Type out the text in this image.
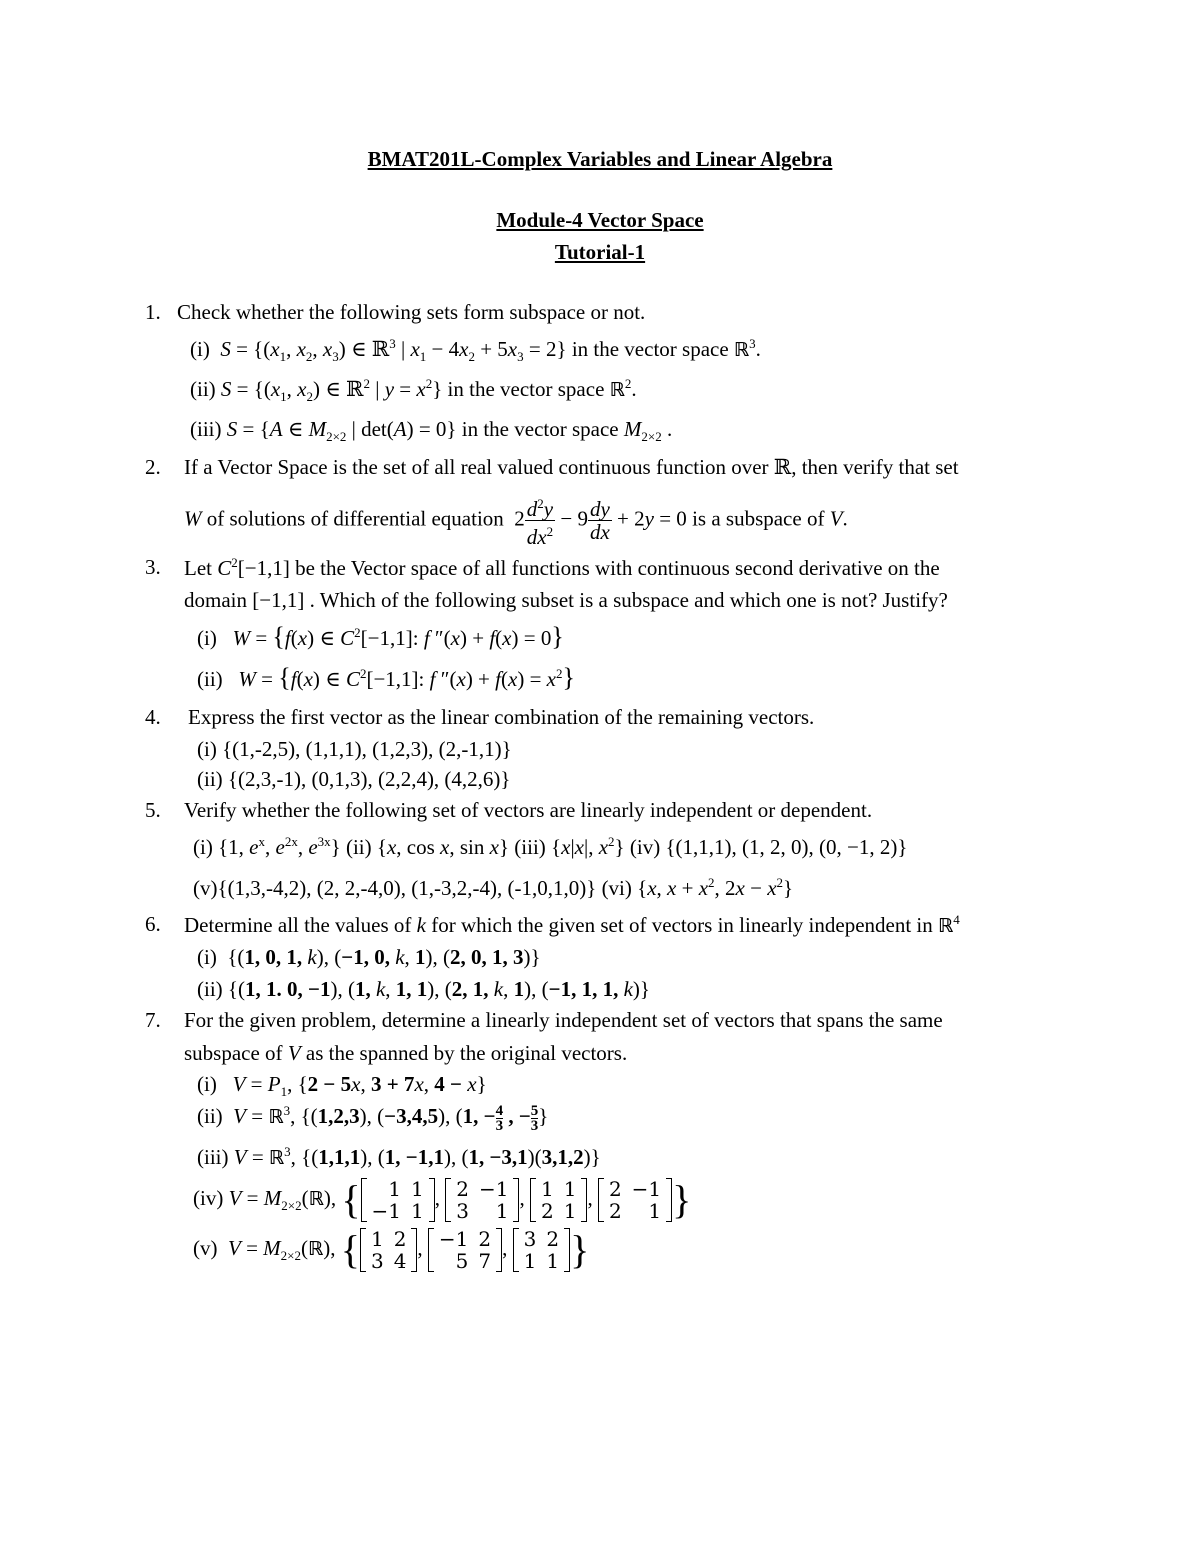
BMAT201L-Complex Variables and Linear Algebra
Module-4 Vector Space
Tutorial-1
1. Check whether the following sets form subspace or not.
(i) $S = \{(x_1$, $x_2$, $x_3$) ∈ ℝ$^3$ | $x_1 - 4x_2 + 5x_3 = 2$} in the vector space ℝ$^3$.
(ii) $S = \{(x_1$, $x_2$) ∈ ℝ$^2$ | $y = x^2$} in the vector space ℝ$^2$.
(iii) S = {A ∈ $M_{2\times 2}$ | det(A) = 0} in the vector space $M_{2\times 2}$ .
2. If a Vector Space is the set of all real valued continuous function over ℝ, then verify that set
W of solutions of differential equation  $2 \frac{d^2y}{dx^2} - 9 \frac{dy}{dx} + 2y = 0$ is a subspace of V.
3. Let $C^2[-1,1]$ be the Vector space of all functions with continuous second derivative on the
domain [−1,1] . Which of the following subset is a subspace and which one is not? Justify?
(i) W = {f(x) ∈ $C^2[-1,1]$: f ″(x) + f(x) = 0}
(ii) W = {f(x) ∈ $C^2[-1,1]$: f $''(x) + f(x) = x^2$}
4. Express the first vector as the linear combination of the remaining vectors.
(i) {(1,-2,5), (1,1,1), (1,2,3), (2,-1,1)}
(ii) {(2,3,-1), (0,1,3), (2,2,4), (4,2,6)}
5. Verify whether the following set of vectors are linearly independent or dependent.
(i) {1, $e^x$, $e^{2x}$, $e^{3x}$} (ii) {x, cos x, sin x} (iii) {x|x|, $x^2$} (iv) {(1,1,1), (1, 2, 0), (0, −1, 2)}
(v){(1,3,-4,2), (2, 2,-4,0), (1,-3,2,-4), (-1,0,1,0)} (vi) {x, $x + x^2$, $2x - x^2$}
6. Determine all the values of k for which the given set of vectors in linearly independent in ℝ$^4$
(i)  {(1, 0, 1, k), (−1, 0, k, 1), (2, 0, 1, 3)}
(ii) {(1, 1. 0, −1), (1, k, 1, 1), (2, 1, k, 1), (−1, 1, 1, k)}
7. For the given problem, determine a linearly independent set of vectors that spans the same
subspace of V as the spanned by the original vectors.
(i)   $V = P_1$, {2 − 5x, 3 + 7x, 4 − x}
(ii)  V = ℝ$^3$, {(1,2,3), (−3,4,5), (1, − $\frac{4}{3}$ , − $\frac{5}{3}$ }
(iii) V = ℝ$^3$, {(1,1,1), (1, −1,1), (1, −3,1)(3,1,2)}
(iv) $V = M_{2\times 2}(ℝ)$, { 1	1
−1	1
, 2	−1
3	1
, 1	1
2	1
, 2	−1
2	1 }
(v)  $V = M_{2\times 2}(ℝ)$, { 1	2
3	4
, −1	2
5	7
, 3	2
1	1 }
